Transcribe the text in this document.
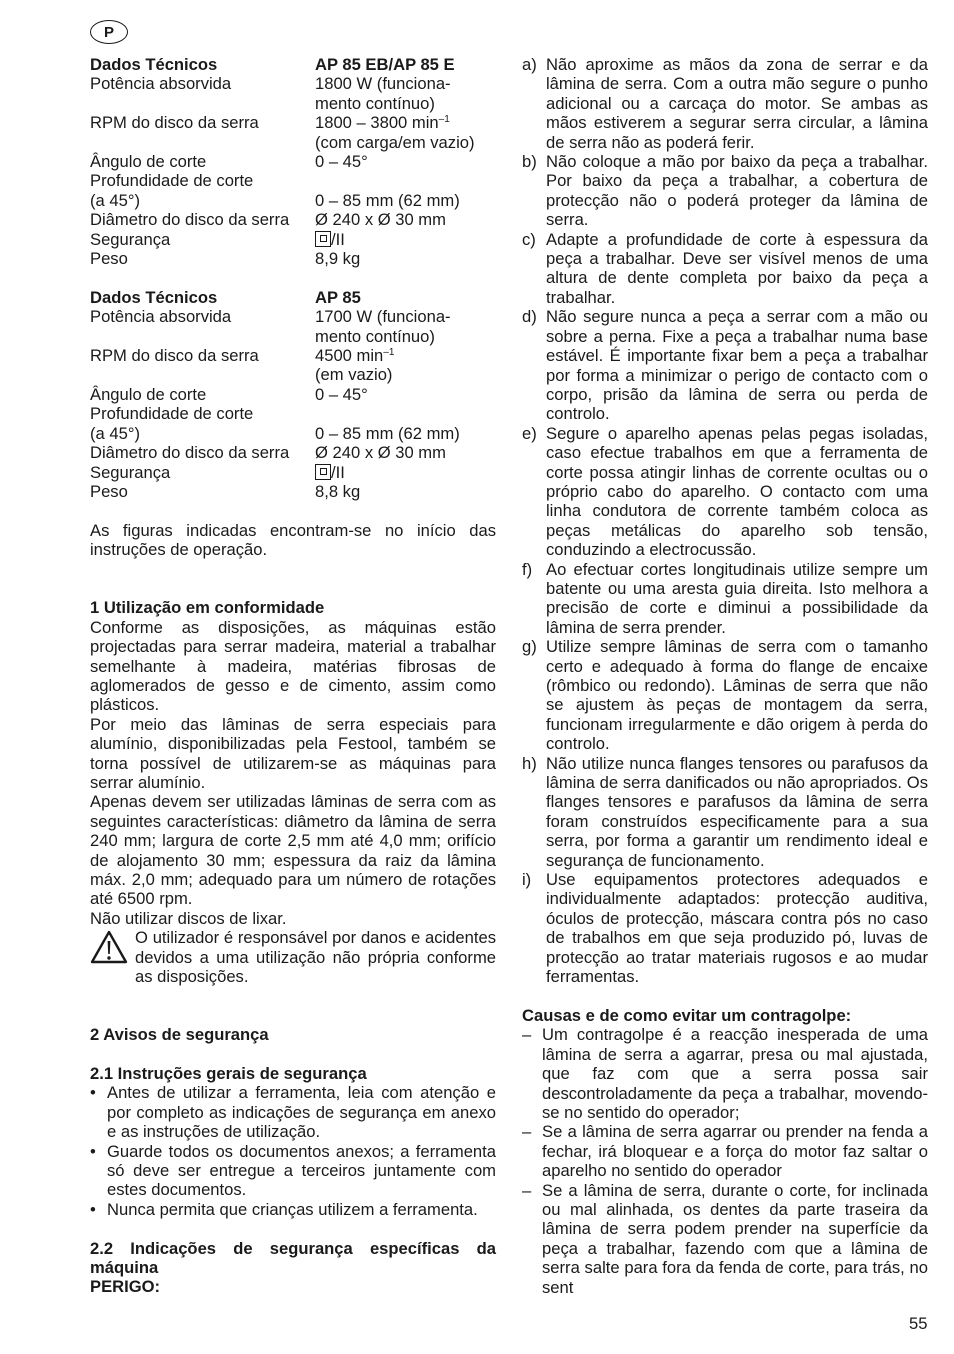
P
Dados Técnicos	AP 85 EB/AP 85 E
Potência absorvida	1800 W (funciona-
	mento contínuo)
RPM do disco da serra	1800 – 3800 $\min^{-1}$
	(com carga/em vazio)
Ângulo de corte	0 – 45°
Profundidade de corte	
(a 45°)	0 – 85 mm (62 mm)
Diâmetro do disco da serra	Ø 240 x Ø 30 mm
Segurança	/II
Peso	8,9 kg
Dados Técnicos	AP 85
Potência absorvida	1700 W (funciona-
	mento contínuo)
RPM do disco da serra	4500 $\min^{-1}$
	(em vazio)
Ângulo de corte	0 – 45°
Profundidade de corte	
(a 45°)	0 – 85 mm (62 mm)
Diâmetro do disco da serra	Ø 240 x Ø 30 mm
Segurança	/II
Peso	8,8 kg

As figuras indicadas encontram-se no início das instruções de operação.

1 Utilização em conformidade

Conforme as disposições, as máquinas estão projectadas para serrar madeira, material a trabalhar semelhante à madeira, matérias fibrosas de aglomerados de gesso e de cimento, assim como plásticos.

Por meio das lâminas de serra especiais para alumínio, disponibilizadas pela Festool, também se torna possível de utilizarem-se as máquinas para serrar alumínio.

Apenas devem ser utilizadas lâminas de serra com as seguintes características: diâmetro da lâmina de serra 240 mm; largura de corte 2,5 mm até 4,0 mm; orifício de alojamento 30 mm; espessura da raiz da lâmina máx. 2,0 mm; adequado para um número de rotações até 6500 rpm.

Não utilizar discos de lixar.

O utilizador é responsável por danos e acidentes devidos a uma utilização não própria conforme as disposições.

2 Avisos de segurança
2.1 Instruções gerais de segurança
• Antes de utilizar a ferramenta, leia com atenção e por completo as indicações de segurança em anexo e as instruções de utilização.
• Guarde todos os documentos anexos; a ferramenta só deve ser entregue a terceiros juntamente com estes documentos.
• Nunca permita que crianças utilizem a ferramenta.
2.2 Indicações de segurança específicas da máquina
PERIGO:
a) Não aproxime as mãos da zona de serrar e da lâmina de serra. Com a outra mão segure o punho adicional ou a carcaça do motor. Se ambas as mãos estiverem a segurar serra circular, a lâmina de serra não as poderá ferir.
b) Não coloque a mão por baixo da peça a trabalhar. Por baixo da peça a trabalhar, a cobertura de protecção não o poderá proteger da lâmina de serra.
c) Adapte a profundidade de corte à espessura da peça a trabalhar. Deve ser visível menos de uma altura de dente completa por baixo da peça a trabalhar.
d) Não segure nunca a peça a serrar com a mão ou sobre a perna. Fixe a peça a trabalhar numa base estável. É importante fixar bem a peça a trabalhar por forma a minimizar o perigo de contacto com o corpo, prisão da lâmina de serra ou perda de controlo.
e) Segure o aparelho apenas pelas pegas isoladas, caso efectue trabalhos em que a ferramenta de corte possa atingir linhas de corrente ocultas ou o próprio cabo do aparelho. O contacto com uma linha condutora de corrente também coloca as peças metálicas do aparelho sob tensão, conduzindo a electrocussão.
f) Ao efectuar cortes longitudinais utilize sempre um batente ou uma aresta guia direita. Isto melhora a precisão de corte e diminui a possibilidade da lâmina de serra prender.
g) Utilize sempre lâminas de serra com o tamanho certo e adequado à forma do flange de encaixe (rômbico ou redondo). Lâminas de serra que não se ajustem às peças de montagem da serra, funcionam irregularmente e dão origem à perda do controlo.
h) Não utilize nunca flanges tensores ou parafusos da lâmina de serra danificados ou não apropriados. Os flanges tensores e parafusos da lâmina de serra foram construídos especificamente para a sua serra, por forma a garantir um rendimento ideal e segurança de funcionamento.
i) Use equipamentos protectores adequados e individualmente adaptados: protecção auditiva, óculos de protecção, máscara contra pós no caso de trabalhos em que seja produzido pó, luvas de protecção ao tratar materiais rugosos e ao mudar ferramentas.
Causas e de como evitar um contragolpe:
– Um contragolpe é a reacção inesperada de uma lâmina de serra a agarrar, presa ou mal ajustada, que faz com que a serra possa sair descontroladamente da peça a trabalhar, movendo-se no sentido do operador;
– Se a lâmina de serra agarrar ou prender na fenda a fechar, irá bloquear e a força do motor faz saltar o aparelho no sentido do operador
– Se a lâmina de serra, durante o corte, for inclinada ou mal alinhada, os dentes da parte traseira da lâmina de serra podem prender na superfície da peça a trabalhar, fazendo com que a lâmina de serra salte para fora da fenda de corte, para trás, no sent
55
